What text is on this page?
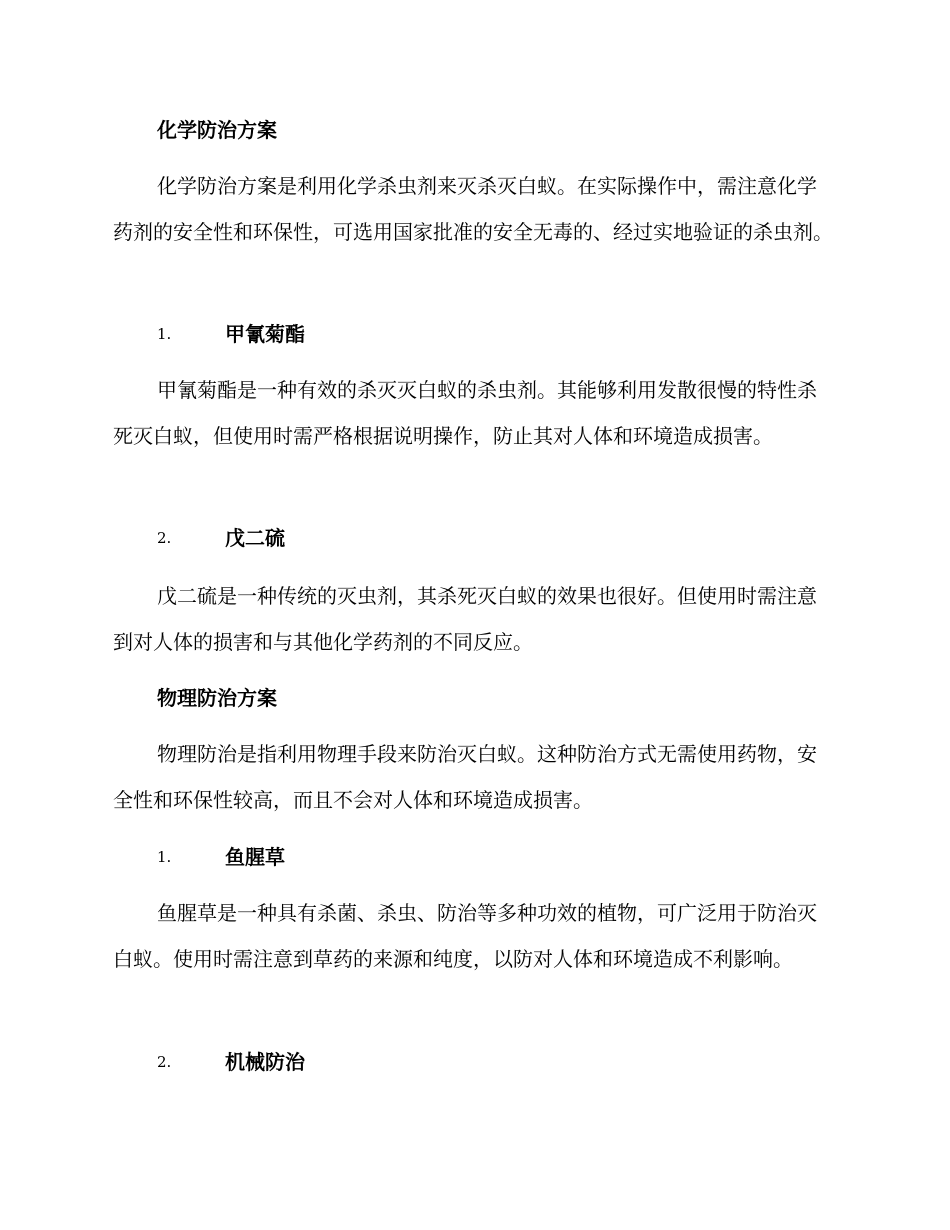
化学防治方案

化学防治方案是利用化学杀虫剂来灭杀灭白蚁。在实际操作中，需注意化学药剂的安全性和环保性，可选用国家批准的安全无毒的、经过实地验证的杀虫剂。

1.	甲氰菊酯

甲氰菊酯是一种有效的杀灭灭白蚁的杀虫剂。其能够利用发散很慢的特性杀死灭白蚁，但使用时需严格根据说明操作，防止其对人体和环境造成损害。

2.	戊二硫

戊二硫是一种传统的灭虫剂，其杀死灭白蚁的效果也很好。但使用时需注意到对人体的损害和与其他化学药剂的不同反应。

物理防治方案

物理防治是指利用物理手段来防治灭白蚁。这种防治方式无需使用药物，安全性和环保性较高，而且不会对人体和环境造成损害。

1.	鱼腥草

鱼腥草是一种具有杀菌、杀虫、防治等多种功效的植物，可广泛用于防治灭白蚁。使用时需注意到草药的来源和纯度，以防对人体和环境造成不利影响。

2.	机械防治
